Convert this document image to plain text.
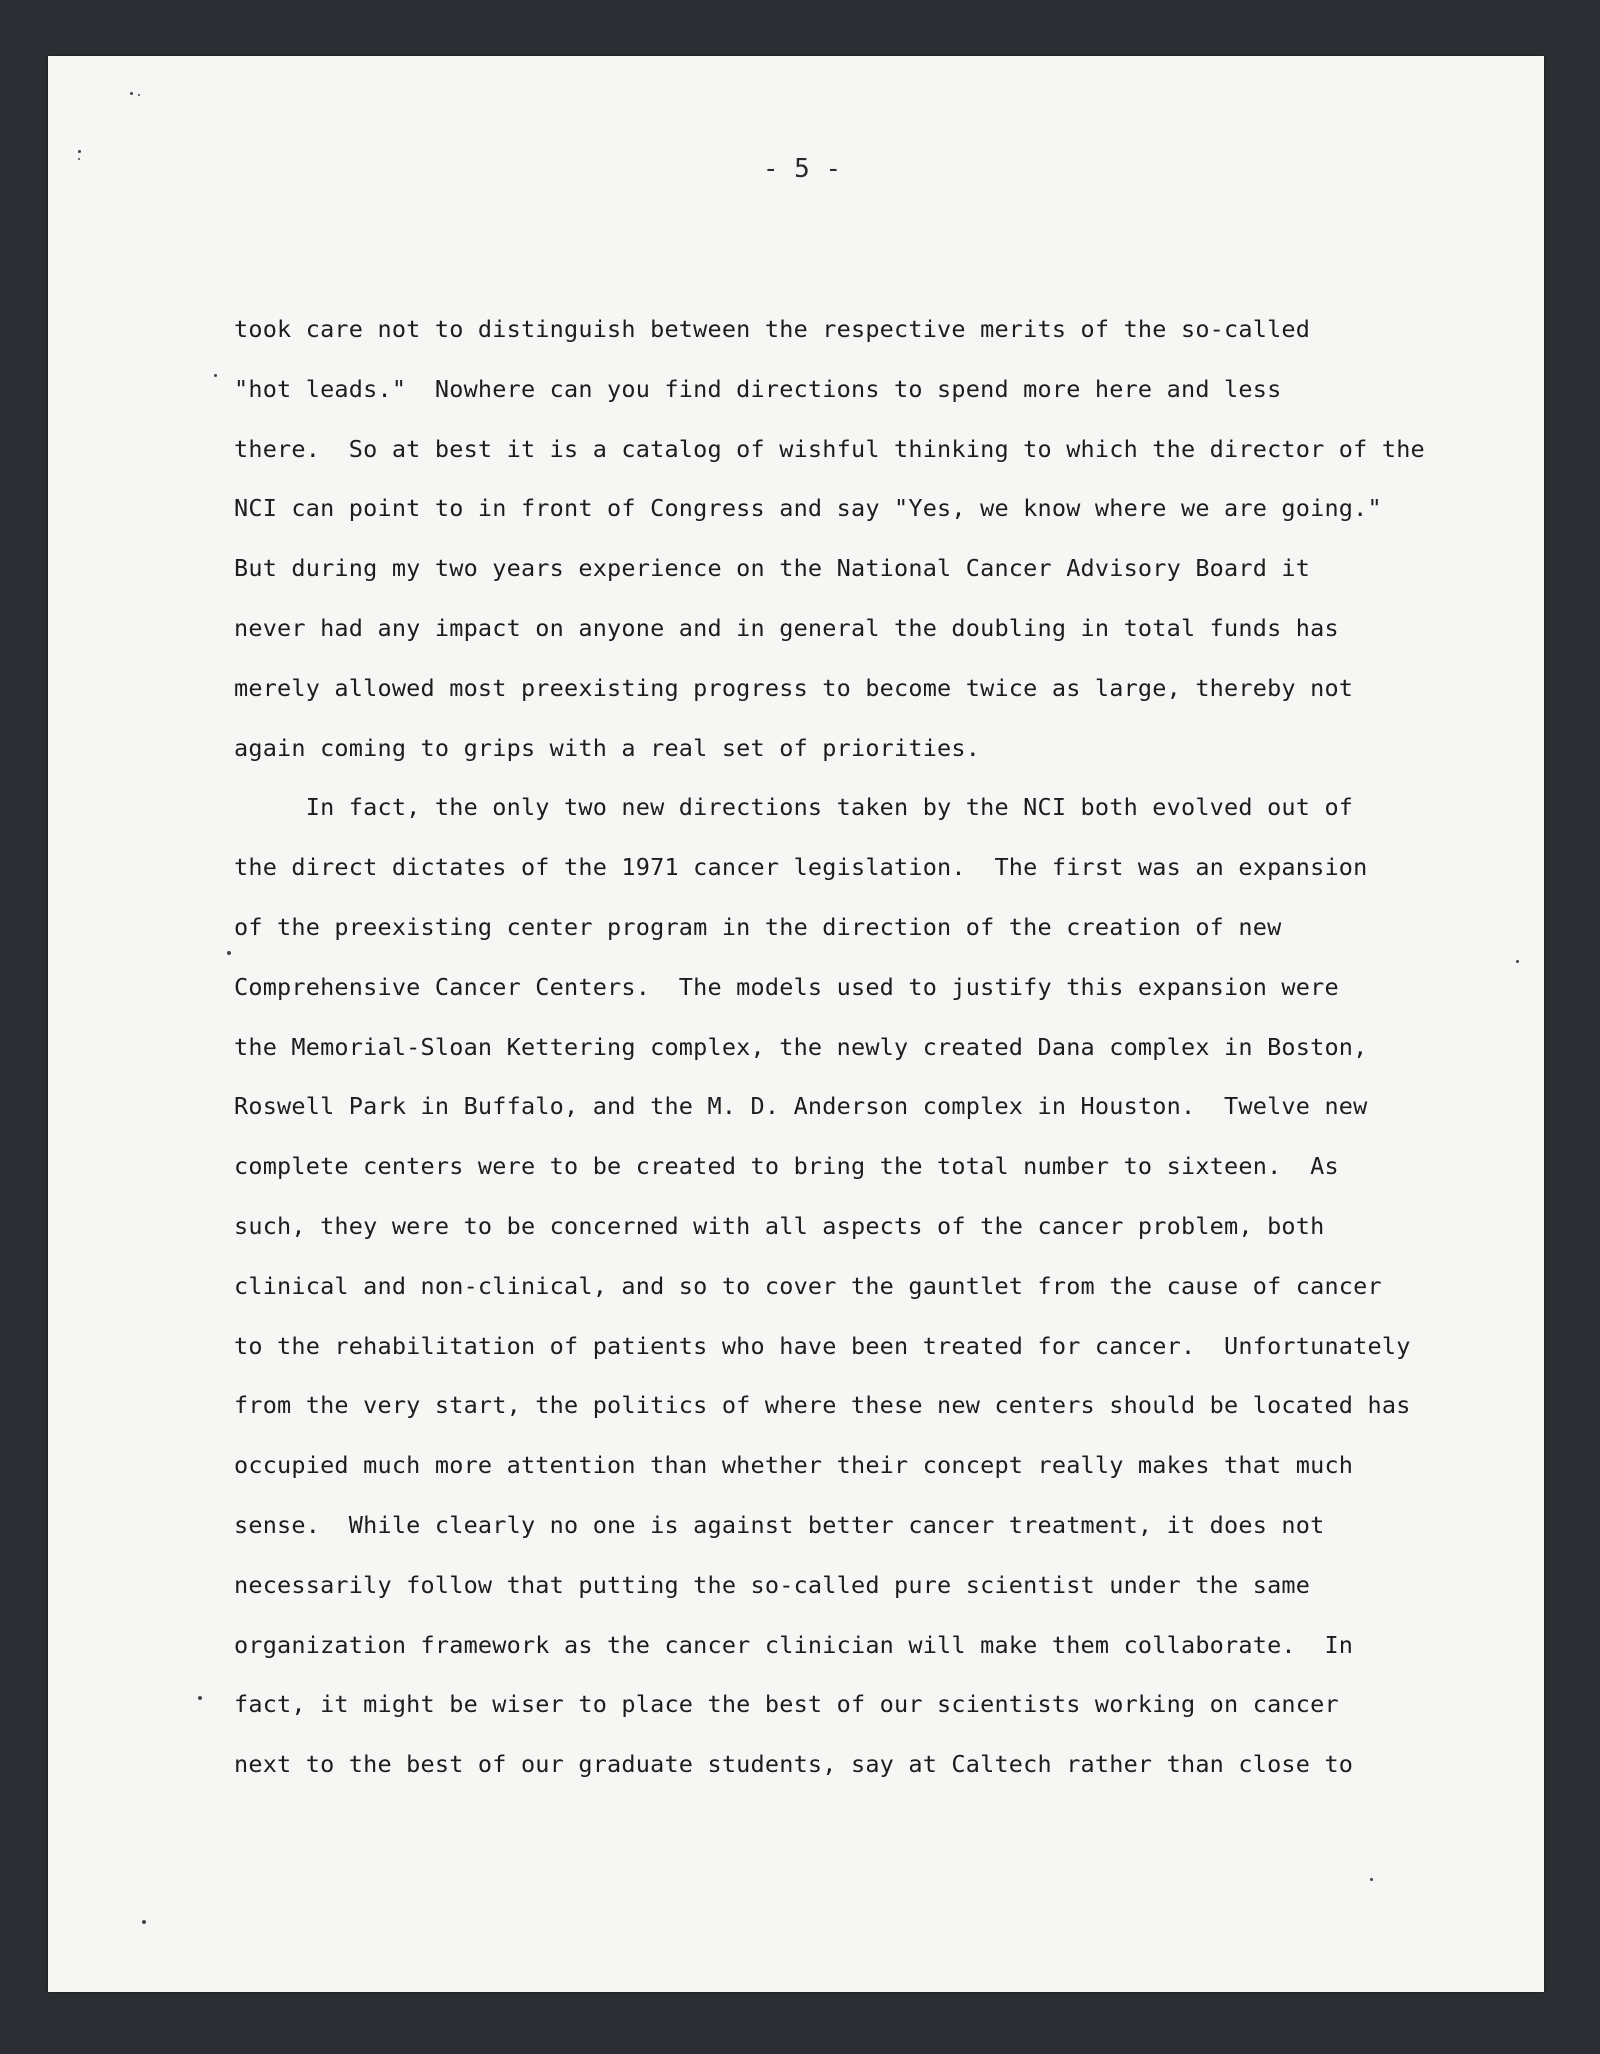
- 5 -
took care not to distinguish between the respective merits of the so-called
"hot leads."  Nowhere can you find directions to spend more here and less
there.  So at best it is a catalog of wishful thinking to which the director of the
NCI can point to in front of Congress and say "Yes, we know where we are going."
But during my two years experience on the National Cancer Advisory Board it
never had any impact on anyone and in general the doubling in total funds has
merely allowed most preexisting progress to become twice as large, thereby not
again coming to grips with a real set of priorities.
In fact, the only two new directions taken by the NCI both evolved out of
the direct dictates of the 1971 cancer legislation.  The first was an expansion
of the preexisting center program in the direction of the creation of new
Comprehensive Cancer Centers.  The models used to justify this expansion were
the Memorial-Sloan Kettering complex, the newly created Dana complex in Boston,
Roswell Park in Buffalo, and the M. D. Anderson complex in Houston.  Twelve new
complete centers were to be created to bring the total number to sixteen.  As
such, they were to be concerned with all aspects of the cancer problem, both
clinical and non-clinical, and so to cover the gauntlet from the cause of cancer
to the rehabilitation of patients who have been treated for cancer.  Unfortunately
from the very start, the politics of where these new centers should be located has
occupied much more attention than whether their concept really makes that much
sense.  While clearly no one is against better cancer treatment, it does not
necessarily follow that putting the so-called pure scientist under the same
organization framework as the cancer clinician will make them collaborate.  In
fact, it might be wiser to place the best of our scientists working on cancer
next to the best of our graduate students, say at Caltech rather than close to
